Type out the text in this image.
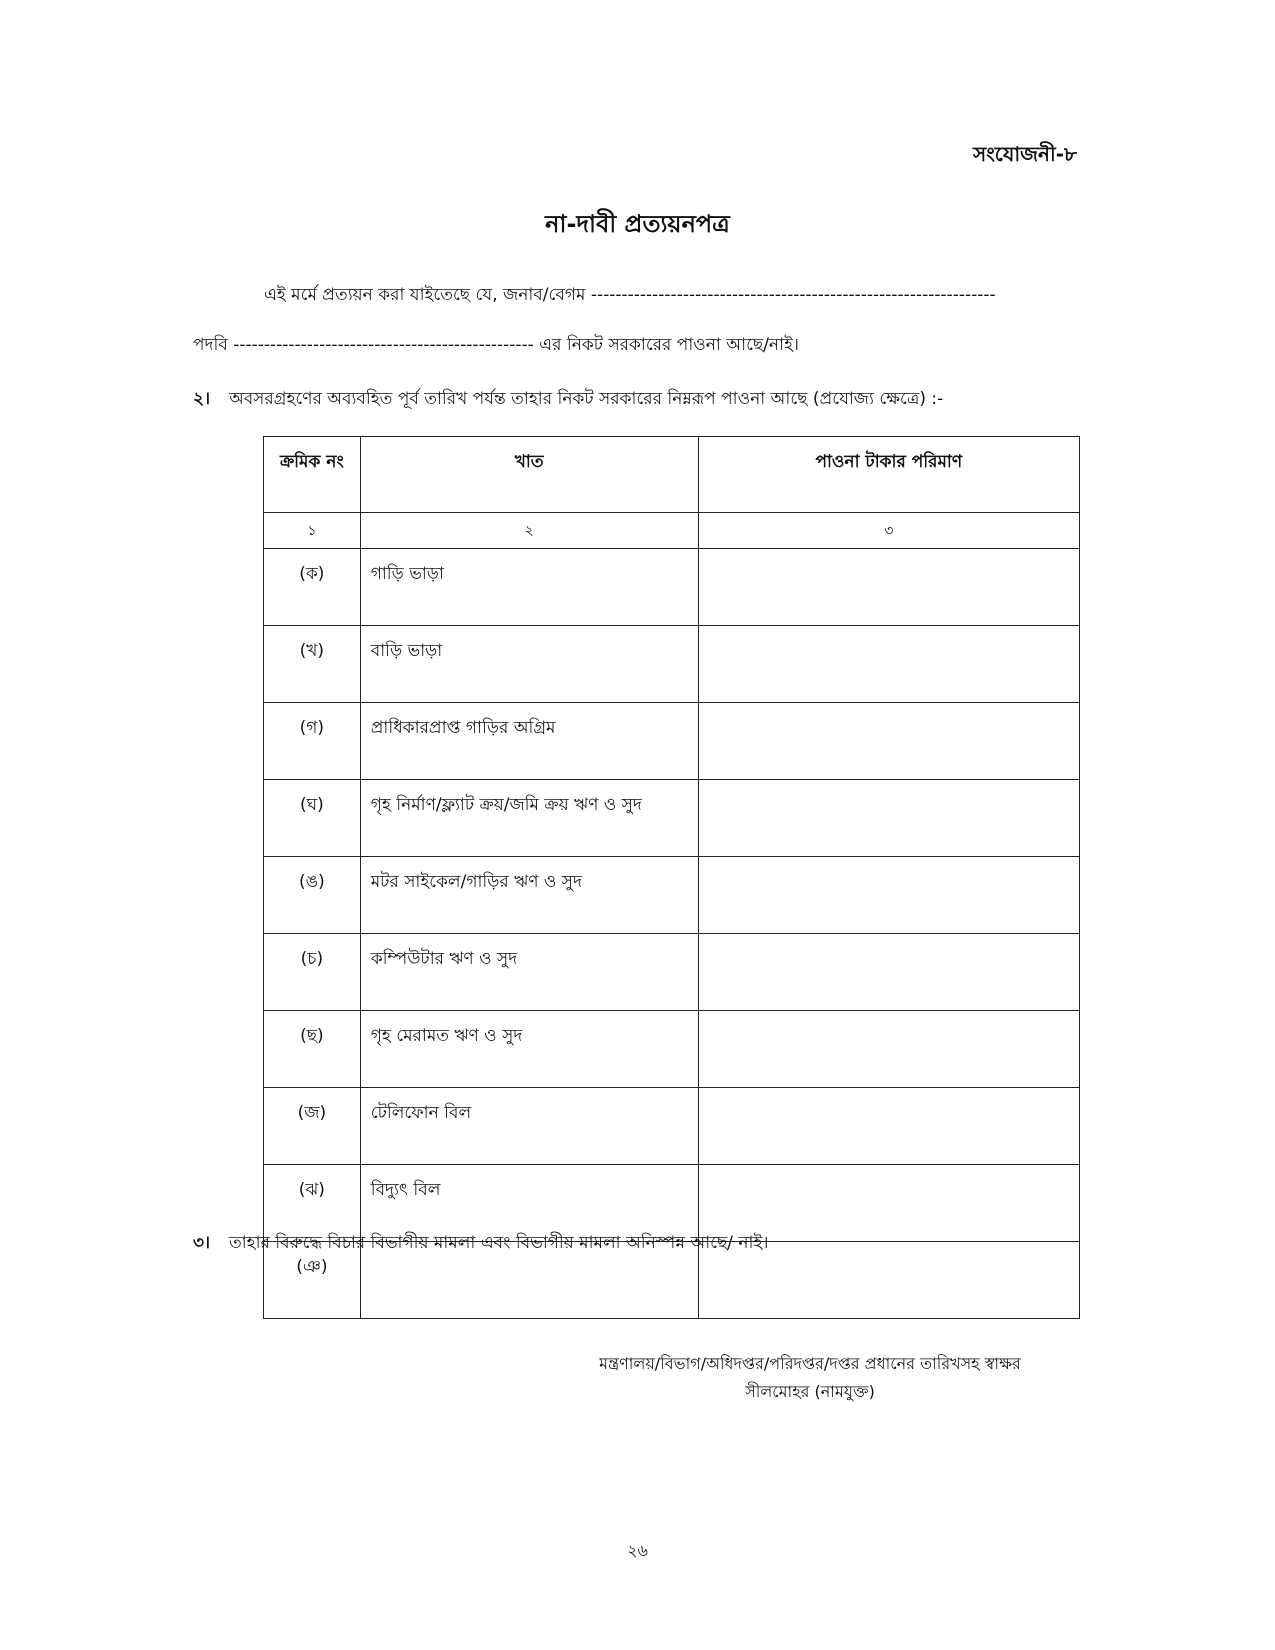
সংযোজনী-৮
না-দাবী প্রত্যয়নপত্র
এই মর্মে প্রত্যয়ন করা যাইতেছে যে, জনাব/বেগম ------------------------------------------------------------------
পদবি ------------------------------------------------- এর নিকট সরকারের পাওনা আছে/নাই।
২। অবসরগ্রহণের অব্যবহিত পূর্ব তারিখ পর্যন্ত তাহার নিকট সরকারের নিম্নরূপ পাওনা আছে (প্রযোজ্য ক্ষেত্রে) :-
ক্রমিক নং	খাত	পাওনা টাকার পরিমাণ
১	২	৩
(ক)	গাড়ি ভাড়া	
(খ)	বাড়ি ভাড়া	
(গ)	প্রাধিকারপ্রাপ্ত গাড়ির অগ্রিম	
(ঘ)	গৃহ নির্মাণ/ফ্ল্যাট ক্রয়/জমি ক্রয় ঋণ ও সুদ	
(ঙ)	মটর সাইকেল/গাড়ির ঋণ ও সুদ	
(চ)	কম্পিউটার ঋণ ও সুদ	
(ছ)	গৃহ মেরামত ঋণ ও সুদ	
(জ)	টেলিফোন বিল	
(ঝ)	বিদ্যুৎ বিল	
(ঞ)		
৩। তাহার বিরুদ্ধে বিচার বিভাগীয় মামলা এবং বিভাগীয় মামলা অনিস্পন্ন আছে/ নাই।
মন্ত্রণালয়/বিভাগ/অধিদপ্তর/পরিদপ্তর/দপ্তর প্রধানের তারিখসহ স্বাক্ষর
সীলমোহর (নামযুক্ত)
২৬
